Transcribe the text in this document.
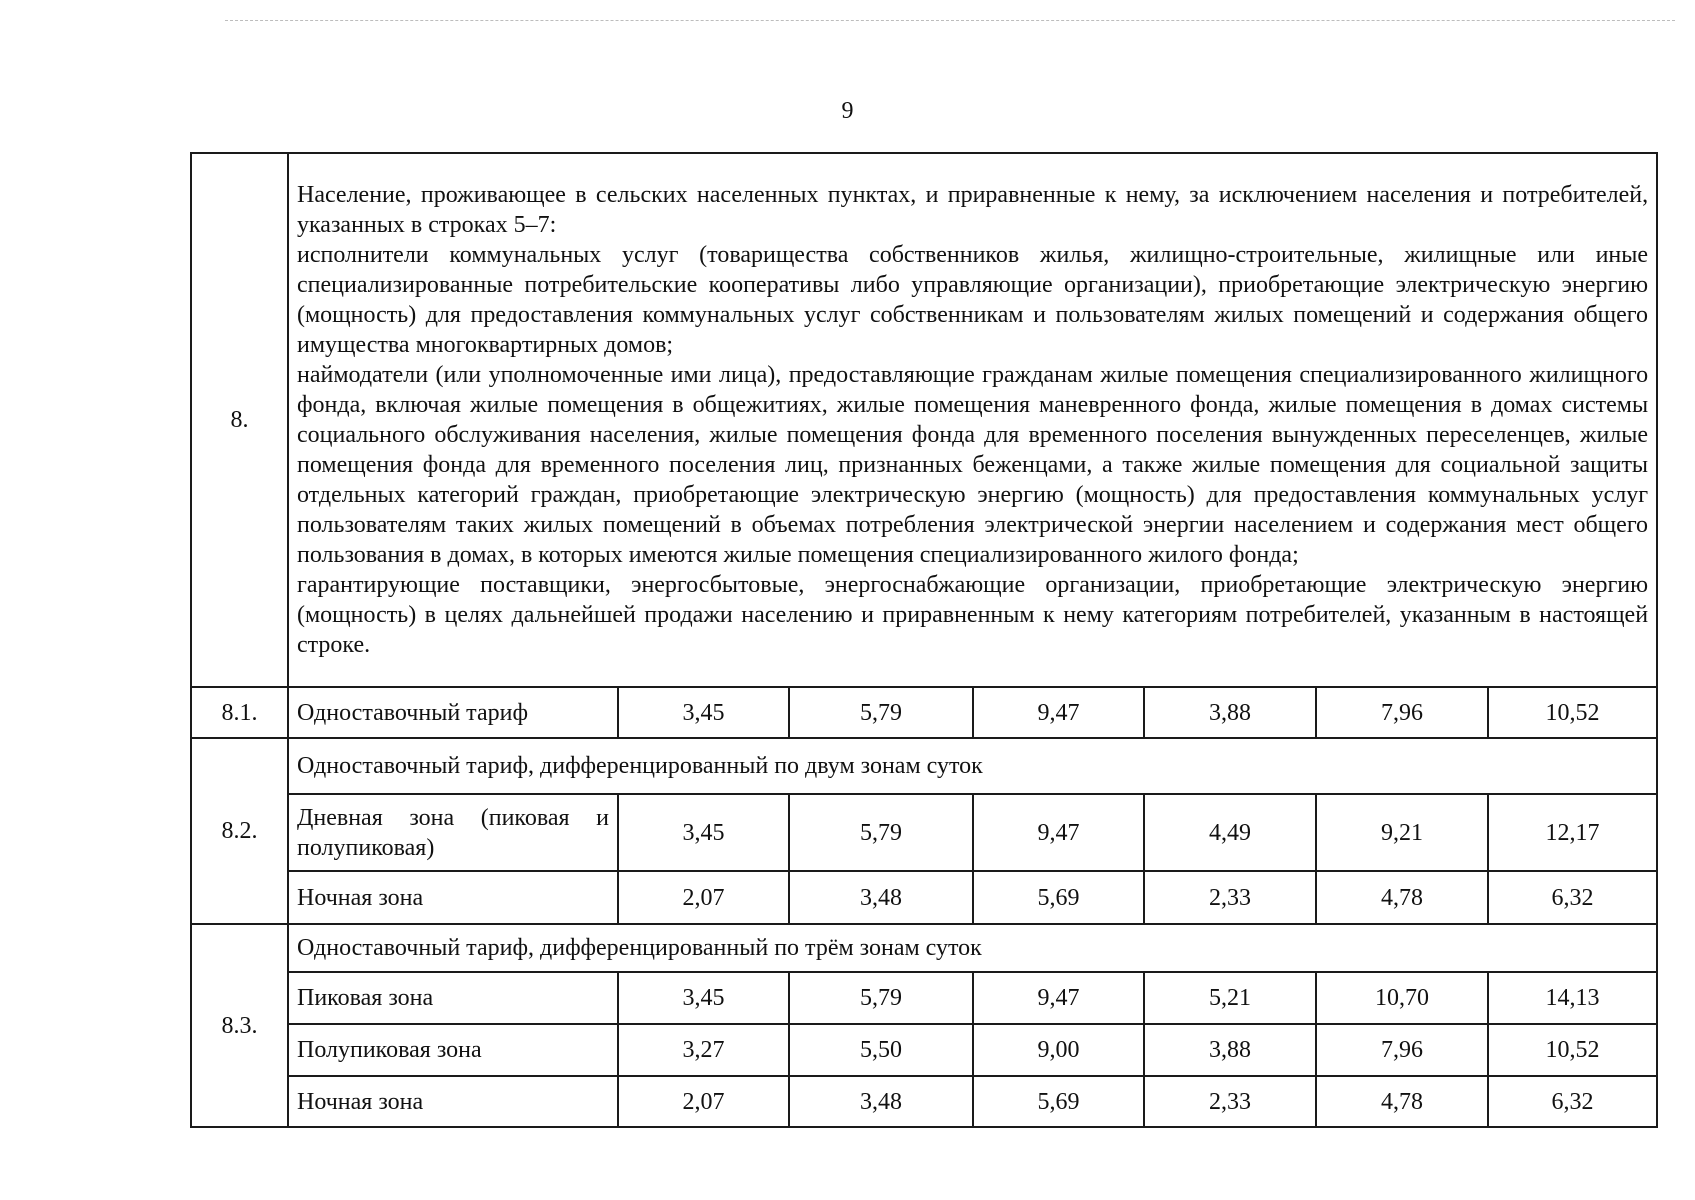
9
8.	Население, проживающее в сельских населенных пунктах, и приравненные к нему, за исключением населения и потребителей, указанных в строках 5–7:

исполнители коммунальных услуг (товарищества собственников жилья, жилищно-строительные, жилищные или иные специализированные потребительские кооперативы либо управляющие организации), приобретающие электрическую энергию (мощность) для предоставления коммунальных услуг собственникам и пользователям жилых помещений и содержания общего имущества многоквартирных домов;

наймодатели (или уполномоченные ими лица), предоставляющие гражданам жилые помещения специализированного жилищного фонда, включая жилые помещения в общежитиях, жилые помещения маневренного фонда, жилые помещения в домах системы социального обслуживания населения, жилые помещения фонда для временного поселения вынужденных переселенцев, жилые помещения фонда для временного поселения лиц, признанных беженцами, а также жилые помещения для социальной защиты отдельных категорий граждан, приобретающие электрическую энергию (мощность) для предоставления коммунальных услуг пользователям таких жилых помещений в объемах потребления электрической энергии населением и содержания мест общего пользования в домах, в которых имеются жилые помещения специализированного жилого фонда;

гарантирующие поставщики, энергосбытовые, энергоснабжающие организации, приобретающие электрическую энергию (мощность) в целях дальнейшей продажи населению и приравненным к нему категориям потребителей, указанным в настоящей строке.						

8.1.	Одноставочный тариф	3,45	5,79	9,47	3,88	7,96	10,52
8.2.	Одноставочный тариф, дифференцированный по двум зонам суток						
	Дневная зона (пиковая и полупиковая)	3,45	5,79	9,47	4,49	9,21	12,17
	Ночная зона	2,07	3,48	5,69	2,33	4,78	6,32
8.3.	Одноставочный тариф, дифференцированный по трём зонам суток						
	Пиковая зона	3,45	5,79	9,47	5,21	10,70	14,13
	Полупиковая зона	3,27	5,50	9,00	3,88	7,96	10,52
	Ночная зона	2,07	3,48	5,69	2,33	4,78	6,32
